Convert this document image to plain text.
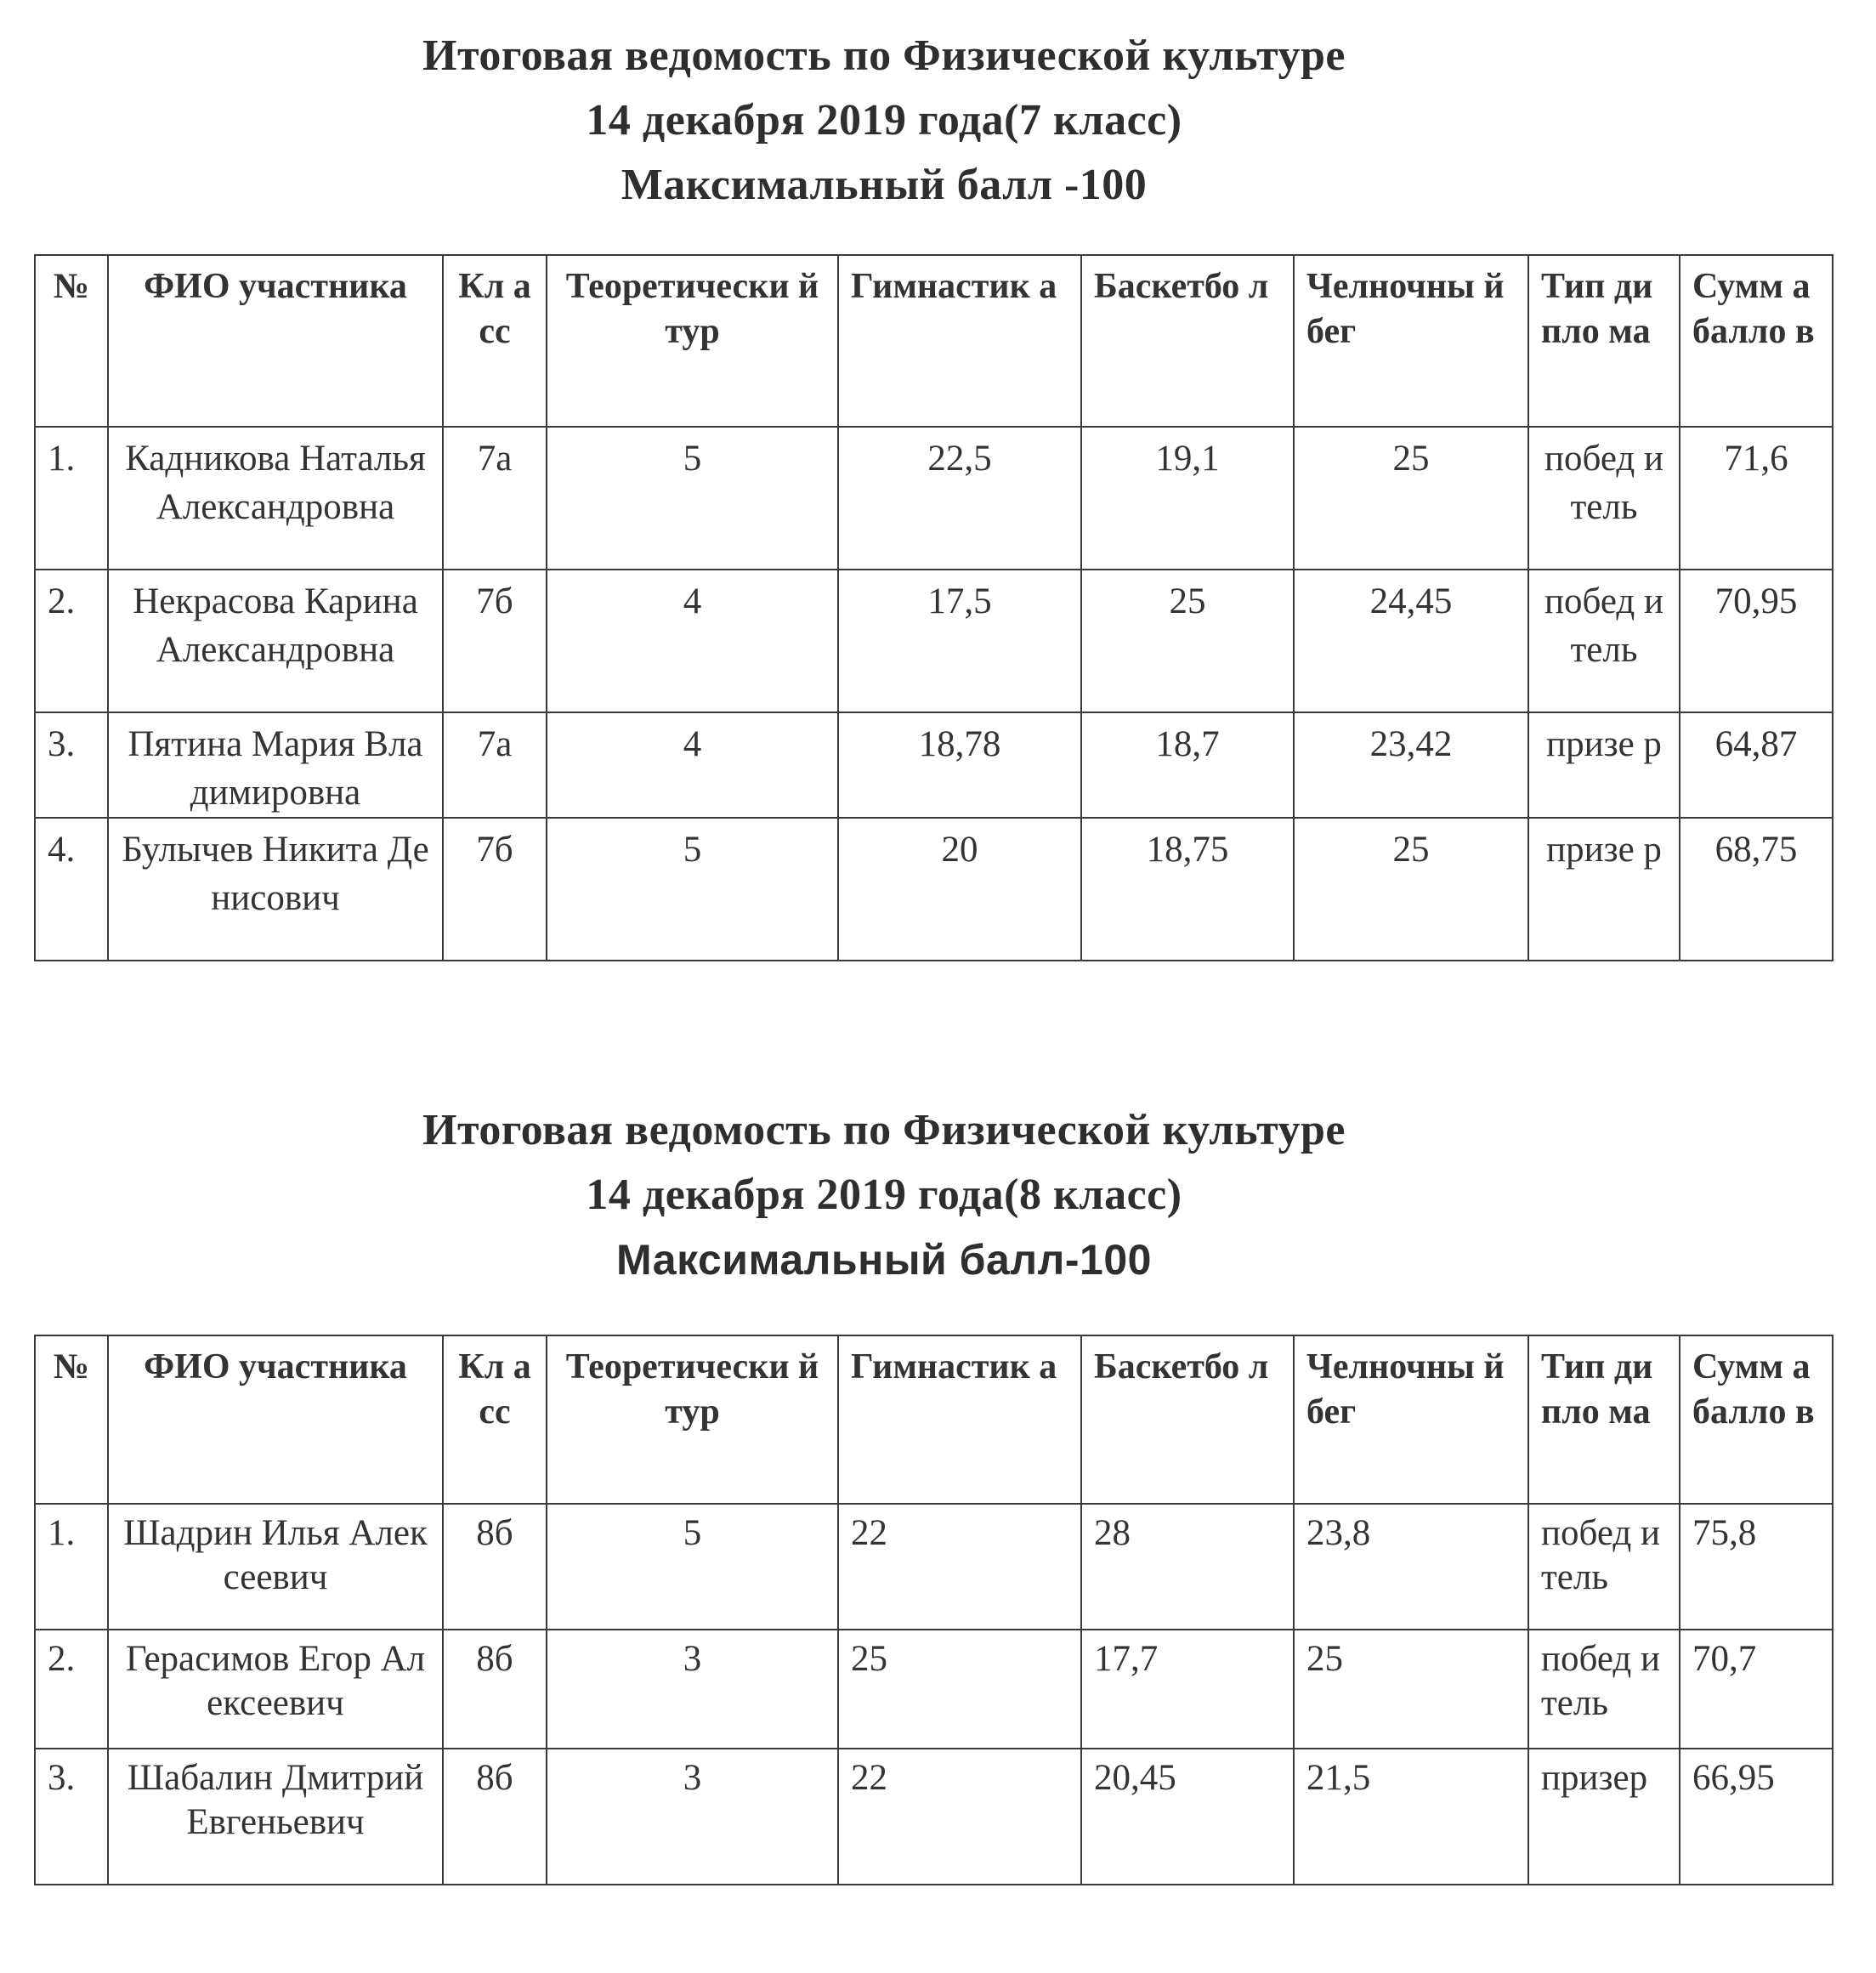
Итоговая ведомость по Физической культуре
14 декабря 2019 года(7 класс)
Максимальный балл -100
№	ФИО участника	Кл асс	Теоретически й тур	Гимнастик а	Баскетбо л	Челночны й бег	Тип дипло ма	Сумм а балло в
1.	Кадникова Наталья Александровна	7а	5	22,5	19,1	25	побед итель	71,6
2.	Некрасова Карина Александровна	7б	4	17,5	25	24,45	побед итель	70,95
3.	Пятина Мария Владимировна	7а	4	18,78	18,7	23,42	призе р	64,87
4.	Булычев Никита Денисович	7б	5	20	18,75	25	призе р	68,75
Итоговая ведомость по Физической культуре
14 декабря 2019 года(8 класс)
Максимальный балл-100
№	ФИО участника	Кл асс	Теоретически й тур	Гимнастик а	Баскетбо л	Челночны й бег	Тип дипло ма	Сумм а балло в
1.	Шадрин Илья Алексеевич	8б	5	22	28	23,8	побед итель	75,8
2.	Герасимов Егор Алексеевич	8б	3	25	17,7	25	побед итель	70,7
3.	Шабалин Дмитрий Евгеньевич	8б	3	22	20,45	21,5	призер	66,95
